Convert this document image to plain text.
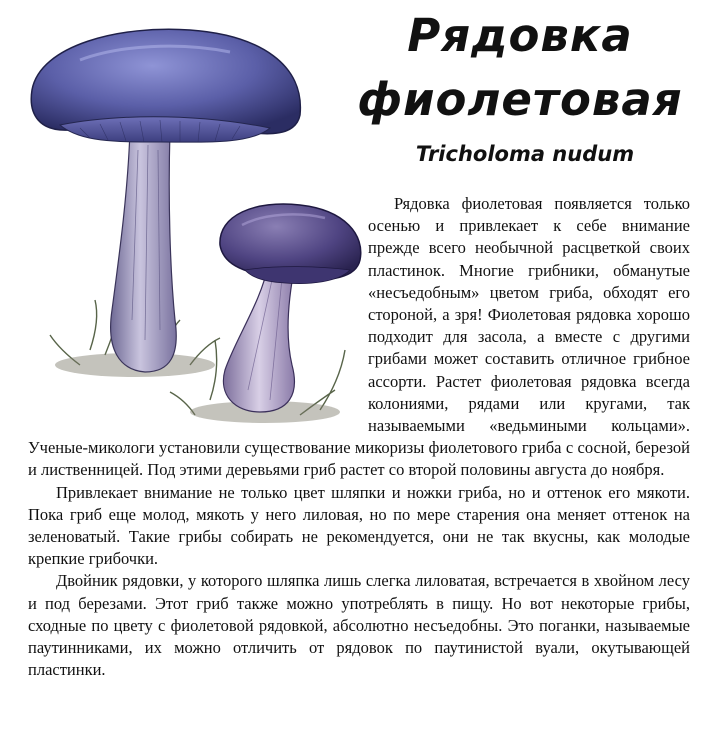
Рядовка
фиолетовая

Tricholoma nudum

Рядовка фиолетовая появляется только осенью и привлекает к себе внимание прежде всего необычной расцветкой своих пластинок. Многие грибники, обманутые «несъедобным» цветом гриба, обходят его стороной, а зря! Фиолетовая рядовка хорошо подходит для засола, а вместе с другими грибами может составить отличное грибное ассорти. Растет фиолетовая рядовка всегда колониями, рядами или кругами, так называемыми «ведьмиными кольцами». Ученые-микологи установили существование микоризы фиолетового гриба с сосной, березой и лиственницей. Под этими деревьями гриб растет со второй половины августа до ноября.

Привлекает внимание не только цвет шляпки и ножки гриба, но и оттенок его мякоти. Пока гриб еще молод, мякоть у него лиловая, но по мере старения она меняет оттенок на зеленоватый. Такие грибы собирать не рекомендуется, они не так вкусны, как молодые крепкие грибочки.

Двойник рядовки, у которого шляпка лишь слегка лиловатая, встречается в хвойном лесу и под березами. Этот гриб также можно употреблять в пищу. Но вот некоторые грибы, сходные по цвету с фиолетовой рядовкой, абсолютно несъедобны. Это поганки, называемые паутинниками, их можно отличить от рядовок по паутинистой вуали, окутывающей пластинки.
